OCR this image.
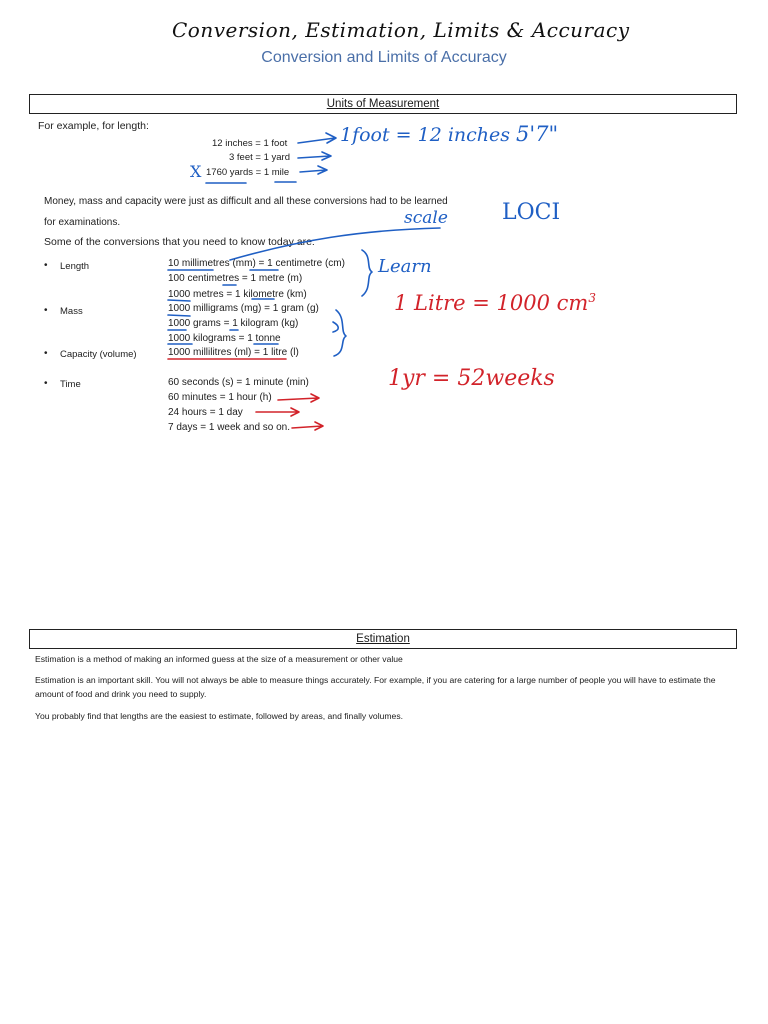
Conversion, Estimation, Limits & Accuracy
Conversion and Limits of Accuracy
Units of Measurement
For example, for length:
12 inches = 1 foot
3 feet = 1 yard
1760 yards = 1 mile
X
1foot = 12 inches 5'7"
Money, mass and capacity were just as difficult and all these conversions had to be learned
for examinations.	LOCI
scale
Some of the conversions that you need to know today are:
• Length	10 millimetres (mm) = 1 centimetre (cm)
100 centimetres = 1 metre (m)
1000 metres = 1 kilometre (km)
Learn
• Mass	1000 milligrams (mg) = 1 gram (g)
1000 grams = 1 kilogram (kg)
1000 kilograms = 1 tonne
1 Litre = 1000 $cm^3$
• Capacity (volume)	1000 millilitres (ml) = 1 litre (l)
• Time	60 seconds (s) = 1 minute (min)
60 minutes = 1 hour (h)
24 hours = 1 day
7 days = 1 week and so on.
1yr = 52weeks
Estimation
Estimation is a method of making an informed guess at the size of a measurement or other value
Estimation is an important skill. You will not always be able to measure things accurately. For example, if you are catering for a large number of people you will have to estimate the amount of food and drink you need to supply.
You probably find that lengths are the easiest to estimate, followed by areas, and finally volumes.
